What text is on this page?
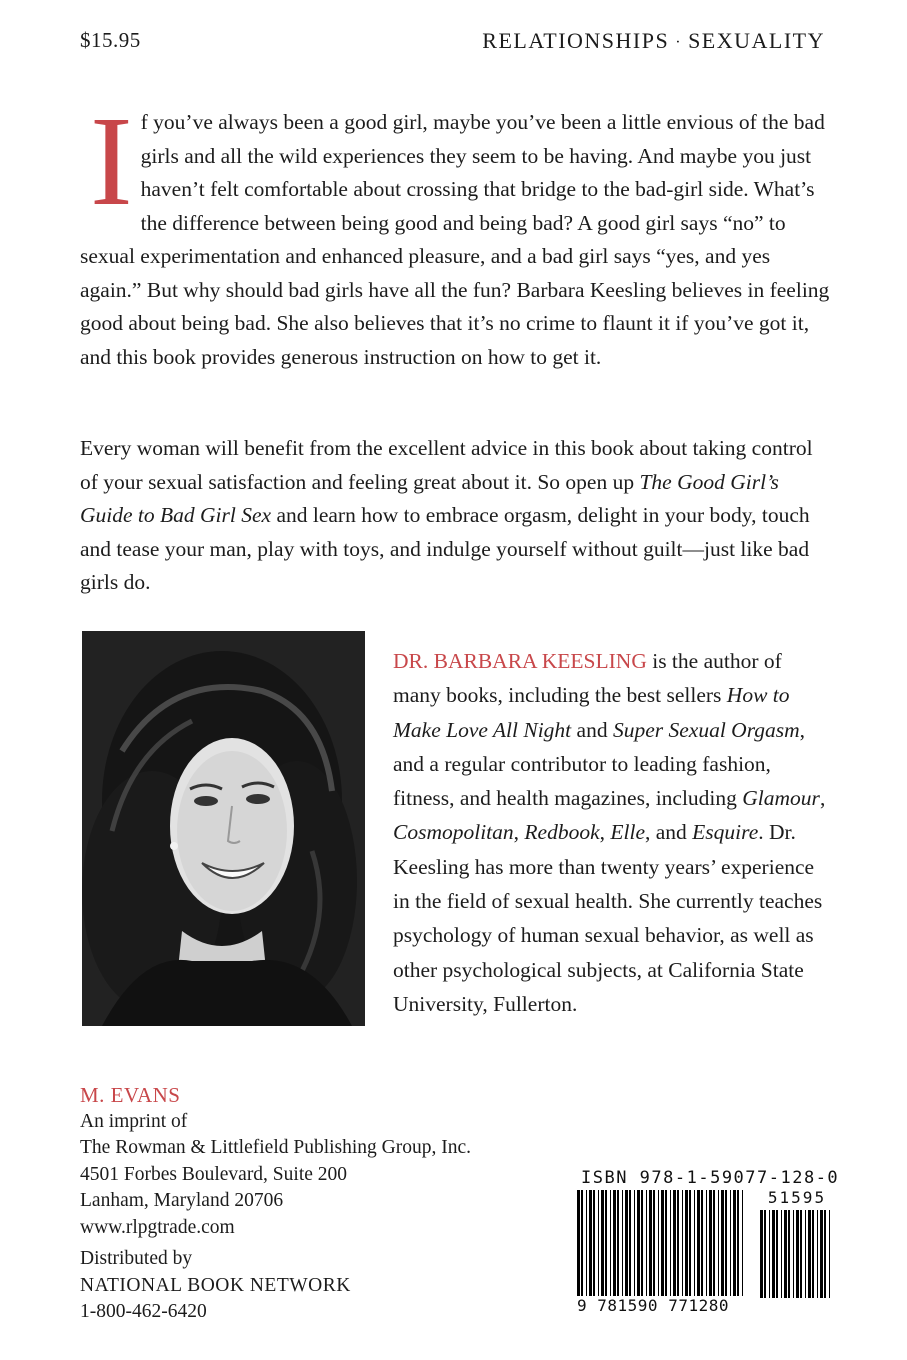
$15.95	RELATIONSHIPS · SEXUALITY

If you’ve always been a good girl, maybe you’ve been a little envious of the bad girls and all the wild experiences they seem to be having. And maybe you just haven’t felt comfortable about crossing that bridge to the bad-girl side. What’s the difference between being good and being bad? A good girl says “no” to sexual experimentation and enhanced pleasure, and a bad girl says “yes, and yes again.” But why should bad girls have all the fun? Barbara Keesling believes in feeling good about being bad. She also believes that it’s no crime to flaunt it if you’ve got it, and this book provides generous instruction on how to get it.

Every woman will benefit from the excellent advice in this book about taking control of your sexual satisfaction and feeling great about it. So open up The Good Girl’s Guide to Bad Girl Sex and learn how to embrace orgasm, delight in your body, touch and tease your man, play with toys, and indulge yourself without guilt—just like bad girls do.

DR. BARBARA KEESLING is the author of many books, including the best sellers How to Make Love All Night and Super Sexual Orgasm, and a regular contributor to leading fashion, fitness, and health magazines, including Glamour, Cosmopolitan, Redbook, Elle, and Esquire. Dr. Keesling has more than twenty years’ experience in the field of sexual health. She currently teaches psychology of human sexual behavior, as well as other psychological subjects, at California State University, Fullerton.

M. EVANS
An imprint of
The Rowman & Littlefield Publishing Group, Inc.
4501 Forbes Boulevard, Suite 200
Lanham, Maryland 20706
www.rlpgtrade.com
Distributed by
NATIONAL BOOK NETWORK
1-800-462-6420
ISBN 978-1-59077-128-0
51595
9 781590 771280
